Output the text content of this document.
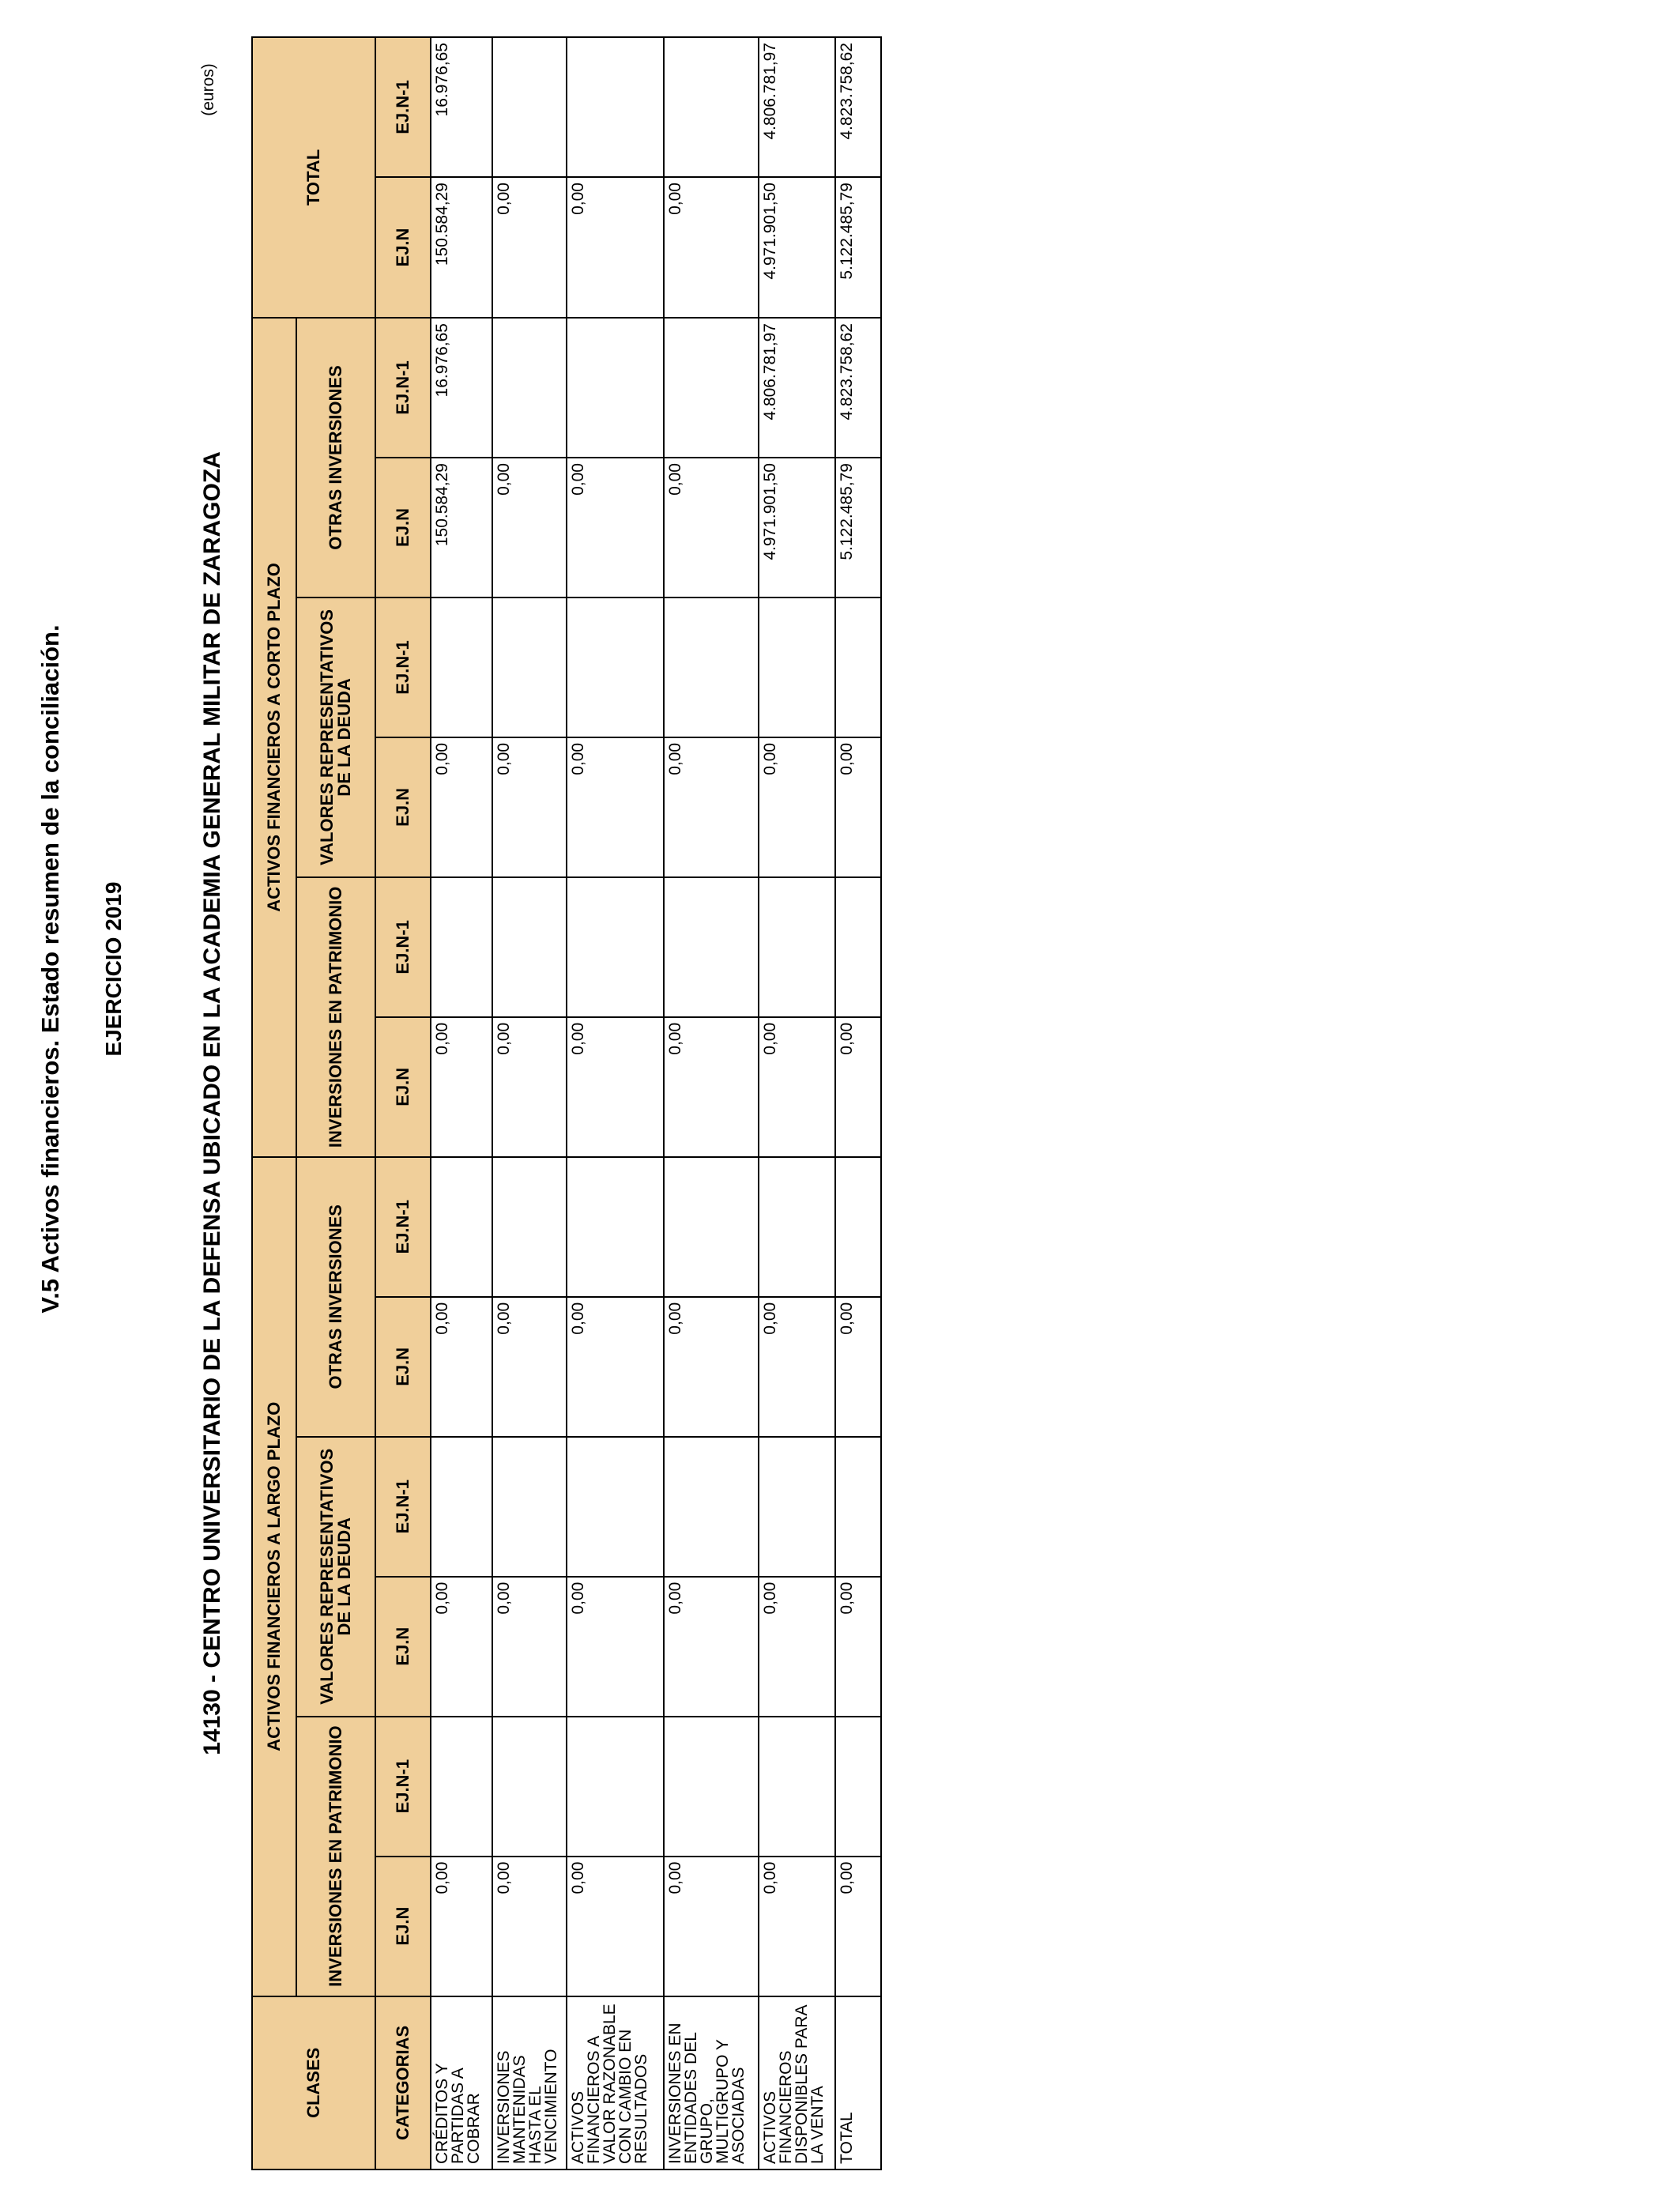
V.5 Activos financieros. Estado resumen de la conciliación. EJERCICIO 2019	14130 - CENTRO UNIVERSITARIO DE LA DEFENSA UBICADO EN LA ACADEMIA GENERAL MILITAR DE ZARAGOZA
(euros)
CLASES	ACTIVOS FINANCIEROS A LARGO PLAZO						ACTIVOS FINANCIEROS A CORTO PLAZO						TOTAL	
	INVERSIONES EN PATRIMONIO		VALORES REPRESENTATIVOS DE LA DEUDA		OTRAS INVERSIONES		INVERSIONES EN PATRIMONIO		VALORES REPRESENTATIVOS DE LA DEUDA		OTRAS INVERSIONES			
CATEGORIAS	EJ.N	EJ.N-1	EJ.N	EJ.N-1	EJ.N	EJ.N-1	EJ.N	EJ.N-1	EJ.N	EJ.N-1	EJ.N	EJ.N-1	EJ.N	EJ.N-1
CRÉDITOS Y PARTIDAS A COBRAR	0,00		0,00		0,00		0,00		0,00		150.584,29	16.976,65	150.584,29	16.976,65
INVERSIONES MANTENIDAS HASTA EL VENCIMIENTO	0,00		0,00		0,00		0,00		0,00		0,00		0,00	
ACTIVOS FINANCIEROS A VALOR RAZONABLE CON CAMBIO EN RESULTADOS	0,00		0,00		0,00		0,00		0,00		0,00		0,00	
INVERSIONES EN ENTIDADES DEL GRUPO, MULTIGRUPO Y ASOCIADAS	0,00		0,00		0,00		0,00		0,00		0,00		0,00	
ACTIVOS FINANCIEROS DISPONIBLES PARA LA VENTA	0,00		0,00		0,00		0,00		0,00		4.971.901,50	4.806.781,97	4.971.901,50	4.806.781,97
TOTAL	0,00		0,00		0,00		0,00		0,00		5.122.485,79	4.823.758,62	5.122.485,79	4.823.758,62
